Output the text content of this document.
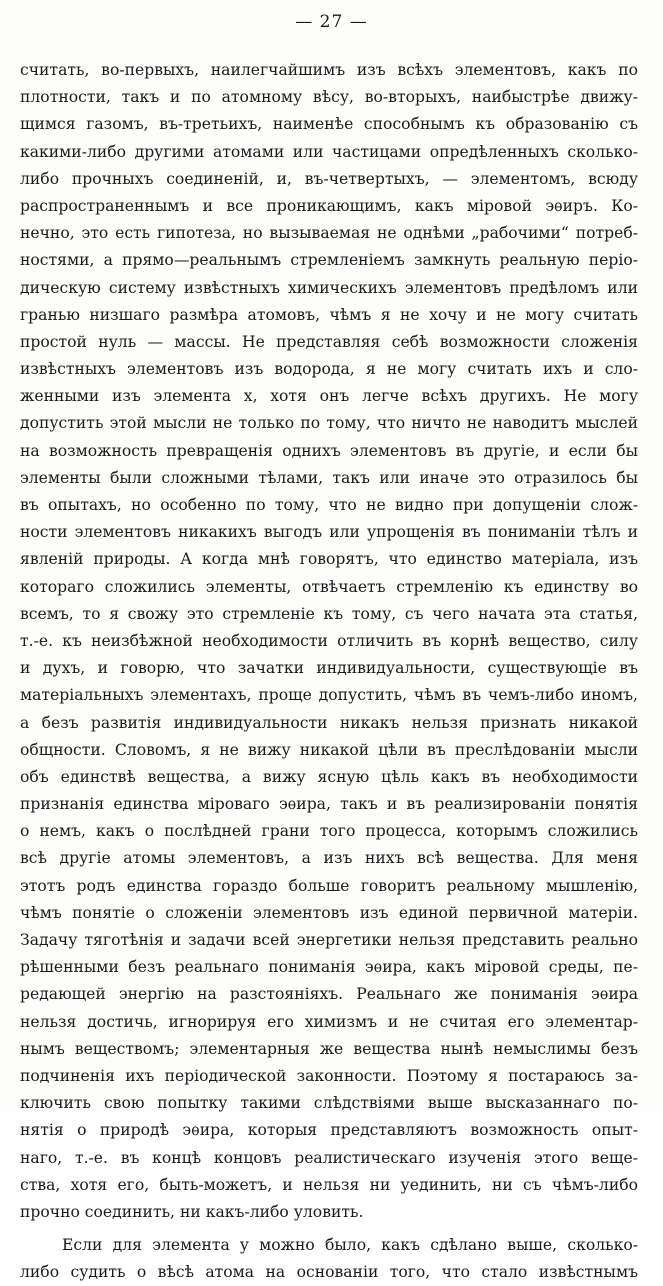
— 27 —
считать, во-первыхъ, наилегчайшимъ изъ всѣхъ элементовъ, какъ по
плотности, такъ и по атомному вѣсу, во-вторыхъ, наибыстрѣе движу-
щимся газомъ, въ-третьихъ, наименѣе способнымъ къ образованію съ
какими-либо другими атомами или частицами опредѣленныхъ сколько-
либо прочныхъ соединеній, и, въ-четвертыхъ, — элементомъ, всюду
распространеннымъ и все проникающимъ, какъ міровой эѳиръ. Ко-
нечно, это есть гипотеза, но вызываемая не однѣми „рабочими“ потреб-
ностями, а прямо—реальнымъ стремленіемъ замкнуть реальную періо-
дическую систему извѣстныхъ химическихъ элементовъ предѣломъ или
гранью низшаго размѣра атомовъ, чѣмъ я не хочу и не могу считать
простой нуль — массы. Не представляя себѣ возможности сложенія
извѣстныхъ элементовъ изъ водорода, я не могу считать ихъ и сло-
женными изъ элемента x, хотя онъ легче всѣхъ другихъ. Не могу
допустить этой мысли не только по тому, что ничто не наводитъ мыслей
на возможность превращенія однихъ элементовъ въ другіе, и если бы
элементы были сложными тѣлами, такъ или иначе это отразилось бы
въ опытахъ, но особенно по тому, что не видно при допущеніи слож-
ности элементовъ никакихъ выгодъ или упрощенія въ пониманіи тѣлъ и
явленій природы. А когда мнѣ говорятъ, что единство матеріала, изъ
котораго сложились элементы, отвѣчаетъ стремленію къ единству во
всемъ, то я свожу это стремленіе къ тому, съ чего начата эта статья,
т.-е. къ неизбѣжной необходимости отличить въ корнѣ вещество, силу
и духъ, и говорю, что зачатки индивидуальности, существующіе въ
матеріальныхъ элементахъ, проще допустить, чѣмъ въ чемъ-либо иномъ,
а безъ развитія индивидуальности никакъ нельзя признать никакой
общности. Словомъ, я не вижу никакой цѣли въ преслѣдованіи мысли
объ единствѣ вещества, а вижу ясную цѣль какъ въ необходимости
признанія единства міроваго эѳира, такъ и въ реализированіи понятія
о немъ, какъ о послѣдней грани того процесса, которымъ сложились
всѣ другіе атомы элементовъ, а изъ нихъ всѣ вещества. Для меня
этотъ родъ единства гораздо больше говоритъ реальному мышленію,
чѣмъ понятіе о сложеніи элементовъ изъ единой первичной матеріи.
Задачу тяготѣнія и задачи всей энергетики нельзя представить реально
рѣшенными безъ реальнаго пониманія эѳира, какъ міровой среды, пе-
редающей энергію на разстояніяхъ. Реальнаго же пониманія эѳира
нельзя достичь, игнорируя его химизмъ и не считая его элементар-
нымъ веществомъ; элементарныя же вещества нынѣ немыслимы безъ
подчиненія ихъ періодической законности. Поэтому я постараюсь за-
ключить свою попытку такими слѣдствіями выше высказаннаго по-
нятія о природѣ эѳира, которыя представляютъ возможность опыт-
наго, т.-е. въ концѣ концовъ реалистическаго изученія этого веще-
ства, хотя его, быть-можетъ, и нельзя ни уединить, ни съ чѣмъ-либо
прочно соединить, ни какъ-либо уловить.
Если для элемента y можно было, какъ сдѣлано выше, сколько-
либо судить о вѣсѣ атома на основаніи того, что стало извѣстнымъ
